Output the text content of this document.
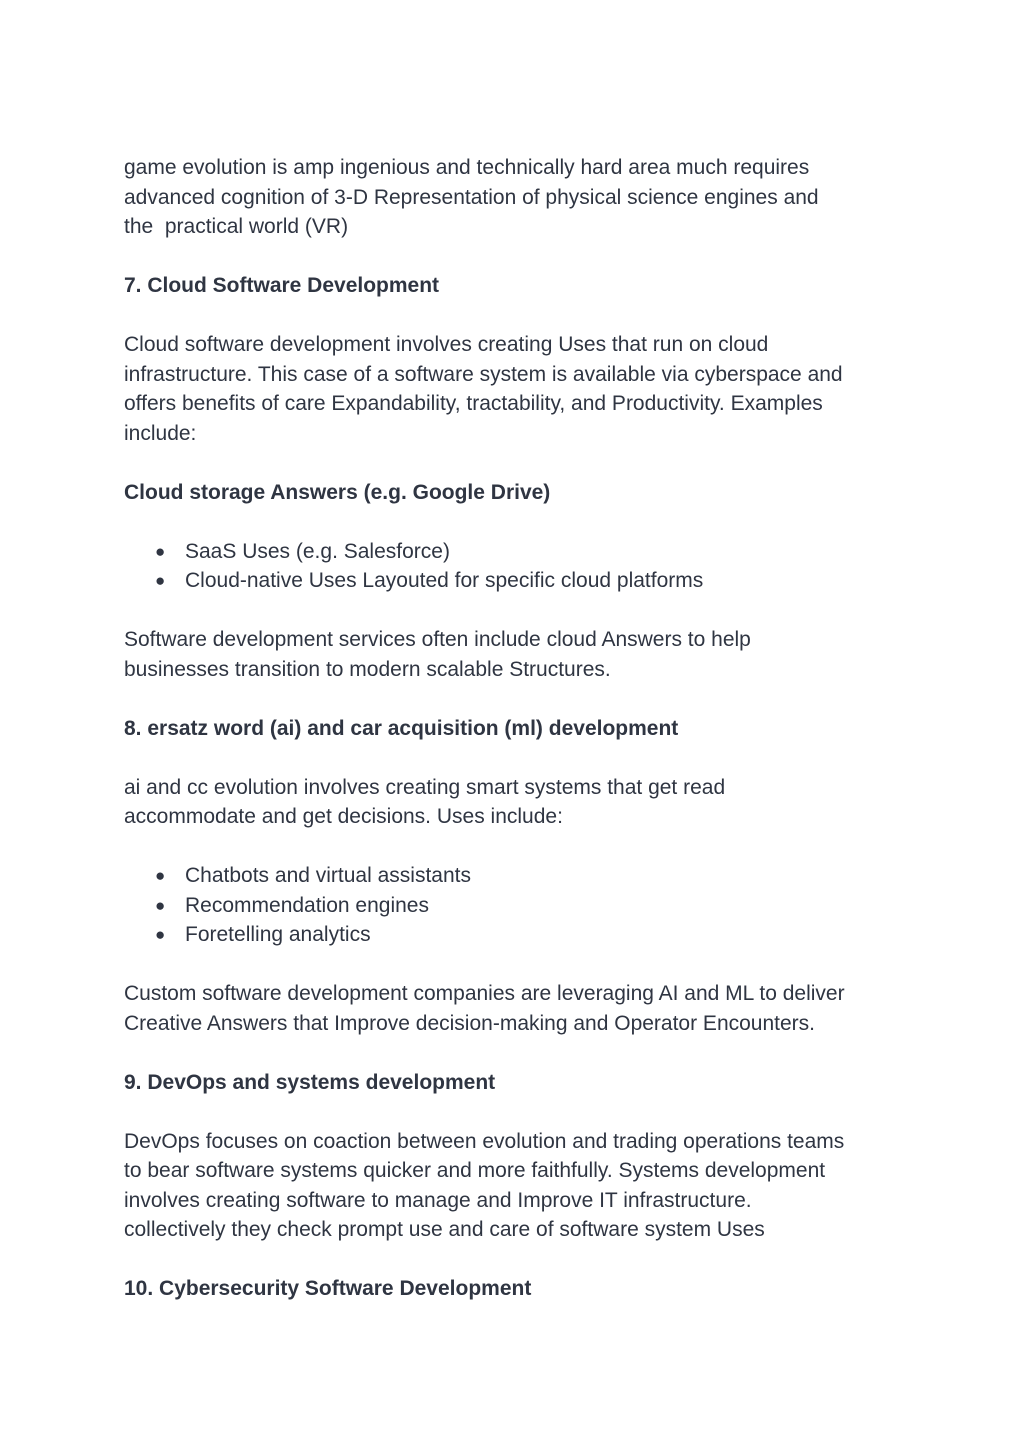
game evolution is amp ingenious and technically hard area much requires
advanced cognition of 3-D Representation of physical science engines and
the  practical world (VR)

7. Cloud Software Development

Cloud software development involves creating Uses that run on cloud
infrastructure. This case of a software system is available via cyberspace and
offers benefits of care Expandability, tractability, and Productivity. Examples
include:

Cloud storage Answers (e.g. Google Drive)

● SaaS Uses (e.g. Salesforce)
● Cloud-native Uses Layouted for specific cloud platforms

Software development services often include cloud Answers to help
businesses transition to modern scalable Structures.

8. ersatz word (ai) and car acquisition (ml) development

ai and cc evolution involves creating smart systems that get read
accommodate and get decisions. Uses include:

● Chatbots and virtual assistants
● Recommendation engines
● Foretelling analytics

Custom software development companies are leveraging AI and ML to deliver
Creative Answers that Improve decision-making and Operator Encounters.

9. DevOps and systems development

DevOps focuses on coaction between evolution and trading operations teams
to bear software systems quicker and more faithfully. Systems development
involves creating software to manage and Improve IT infrastructure.
collectively they check prompt use and care of software system Uses

10. Cybersecurity Software Development
